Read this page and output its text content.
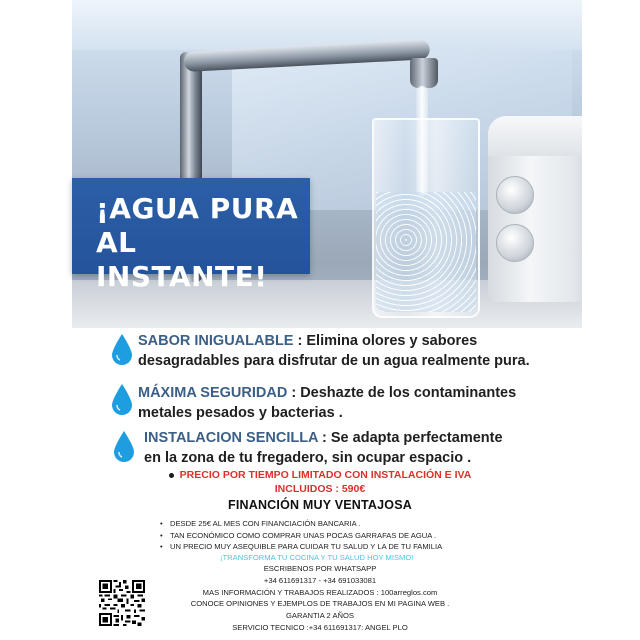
¡AGUA PURA
AL INSTANTE!

SABOR INIGUALABLE : Elimina olores y sabores

desagradables para disfrutar de un agua realmente pura.

MÁXIMA SEGURIDAD : Deshazte de los contaminantes

metales pesados y bacterias .

INSTALACION SENCILLA : Se adapta perfectamente

en la zona de tu fregadero, sin ocupar espacio .

PRECIO POR TIEMPO LIMITADO CON INSTALACIÓN E IVA
INCLUIDOS : 590€
FINANCIÓN MUY VENTAJOSA
• DESDE 25€ AL MES CON FINANCIACIÓN BANCARIA .
• TAN ECONÓMICO COMO COMPRAR UNAS POCAS GARRAFAS DE AGUA .
• UN PRECIO MUY ASEQUIBLE PARA CUIDAR TU SALUD Y LA DE TU FAMILIA
¡TRANSFORMA TU COCINA Y TU SALUD HOY MISMO!
ESCRIBENOS POR WHATSAPP
+34 611691317 - +34 691033081
MAS INFORMACIÓN Y TRABAJOS REALIZADOS : 100arreglos.com
CONOCE OPINIONES Y EJEMPLOS DE TRABAJOS EN MI PAGINA WEB .
GARANTIA 2 AÑOS
SERVICIO TECNICO :+34 611691317: ANGEL PLO
